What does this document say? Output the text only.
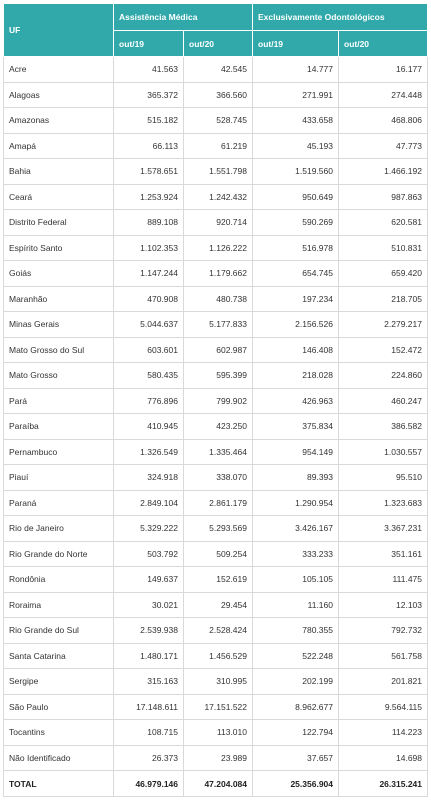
UF	Assistência Médica		Exclusivamente Odontológicos	
	out/19	out/20	out/19	out/20
Acre	41.563	42.545	14.777	16.177
Alagoas	365.372	366.560	271.991	274.448
Amazonas	515.182	528.745	433.658	468.806
Amapá	66.113	61.219	45.193	47.773
Bahia	1.578.651	1.551.798	1.519.560	1.466.192
Ceará	1.253.924	1.242.432	950.649	987.863
Distrito Federal	889.108	920.714	590.269	620.581
Espírito Santo	1.102.353	1.126.222	516.978	510.831
Goiás	1.147.244	1.179.662	654.745	659.420
Maranhão	470.908	480.738	197.234	218.705
Minas Gerais	5.044.637	5.177.833	2.156.526	2.279.217
Mato Grosso do Sul	603.601	602.987	146.408	152.472
Mato Grosso	580.435	595.399	218.028	224.860
Pará	776.896	799.902	426.963	460.247
Paraíba	410.945	423.250	375.834	386.582
Pernambuco	1.326.549	1.335.464	954.149	1.030.557
Piauí	324.918	338.070	89.393	95.510
Paraná	2.849.104	2.861.179	1.290.954	1.323.683
Rio de Janeiro	5.329.222	5.293.569	3.426.167	3.367.231
Rio Grande do Norte	503.792	509.254	333.233	351.161
Rondônia	149.637	152.619	105.105	111.475
Roraima	30.021	29.454	11.160	12.103
Rio Grande do Sul	2.539.938	2.528.424	780.355	792.732
Santa Catarina	1.480.171	1.456.529	522.248	561.758
Sergipe	315.163	310.995	202.199	201.821
São Paulo	17.148.611	17.151.522	8.962.677	9.564.115
Tocantins	108.715	113.010	122.794	114.223
Não Identificado	26.373	23.989	37.657	14.698
TOTAL	46.979.146	47.204.084	25.356.904	26.315.241
